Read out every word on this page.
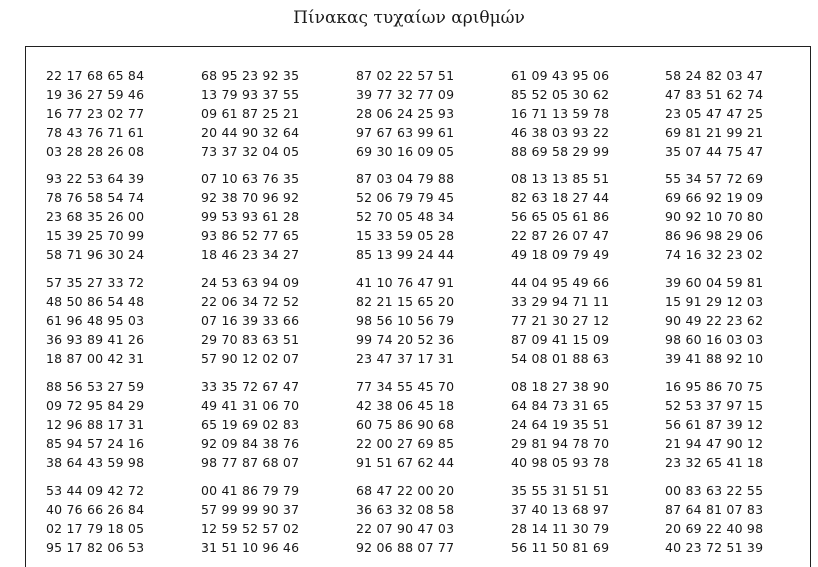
Πίνακας τυχαίων αριθμών
22 17 68 65 84	68 95 23 92 35	87 02 22 57 51	61 09 43 95 06	58 24 82 03 47
19 36 27 59 46	13 79 93 37 55	39 77 32 77 09	85 52 05 30 62	47 83 51 62 74
16 77 23 02 77	09 61 87 25 21	28 06 24 25 93	16 71 13 59 78	23 05 47 47 25
78 43 76 71 61	20 44 90 32 64	97 67 63 99 61	46 38 03 93 22	69 81 21 99 21
03 28 28 26 08	73 37 32 04 05	69 30 16 09 05	88 69 58 29 99	35 07 44 75 47
93 22 53 64 39	07 10 63 76 35	87 03 04 79 88	08 13 13 85 51	55 34 57 72 69
78 76 58 54 74	92 38 70 96 92	52 06 79 79 45	82 63 18 27 44	69 66 92 19 09
23 68 35 26 00	99 53 93 61 28	52 70 05 48 34	56 65 05 61 86	90 92 10 70 80
15 39 25 70 99	93 86 52 77 65	15 33 59 05 28	22 87 26 07 47	86 96 98 29 06
58 71 96 30 24	18 46 23 34 27	85 13 99 24 44	49 18 09 79 49	74 16 32 23 02
57 35 27 33 72	24 53 63 94 09	41 10 76 47 91	44 04 95 49 66	39 60 04 59 81
48 50 86 54 48	22 06 34 72 52	82 21 15 65 20	33 29 94 71 11	15 91 29 12 03
61 96 48 95 03	07 16 39 33 66	98 56 10 56 79	77 21 30 27 12	90 49 22 23 62
36 93 89 41 26	29 70 83 63 51	99 74 20 52 36	87 09 41 15 09	98 60 16 03 03
18 87 00 42 31	57 90 12 02 07	23 47 37 17 31	54 08 01 88 63	39 41 88 92 10
88 56 53 27 59	33 35 72 67 47	77 34 55 45 70	08 18 27 38 90	16 95 86 70 75
09 72 95 84 29	49 41 31 06 70	42 38 06 45 18	64 84 73 31 65	52 53 37 97 15
12 96 88 17 31	65 19 69 02 83	60 75 86 90 68	24 64 19 35 51	56 61 87 39 12
85 94 57 24 16	92 09 84 38 76	22 00 27 69 85	29 81 94 78 70	21 94 47 90 12
38 64 43 59 98	98 77 87 68 07	91 51 67 62 44	40 98 05 93 78	23 32 65 41 18
53 44 09 42 72	00 41 86 79 79	68 47 22 00 20	35 55 31 51 51	00 83 63 22 55
40 76 66 26 84	57 99 99 90 37	36 63 32 08 58	37 40 13 68 97	87 64 81 07 83
02 17 79 18 05	12 59 52 57 02	22 07 90 47 03	28 14 11 30 79	20 69 22 40 98
95 17 82 06 53	31 51 10 96 46	92 06 88 07 77	56 11 50 81 69	40 23 72 51 39
